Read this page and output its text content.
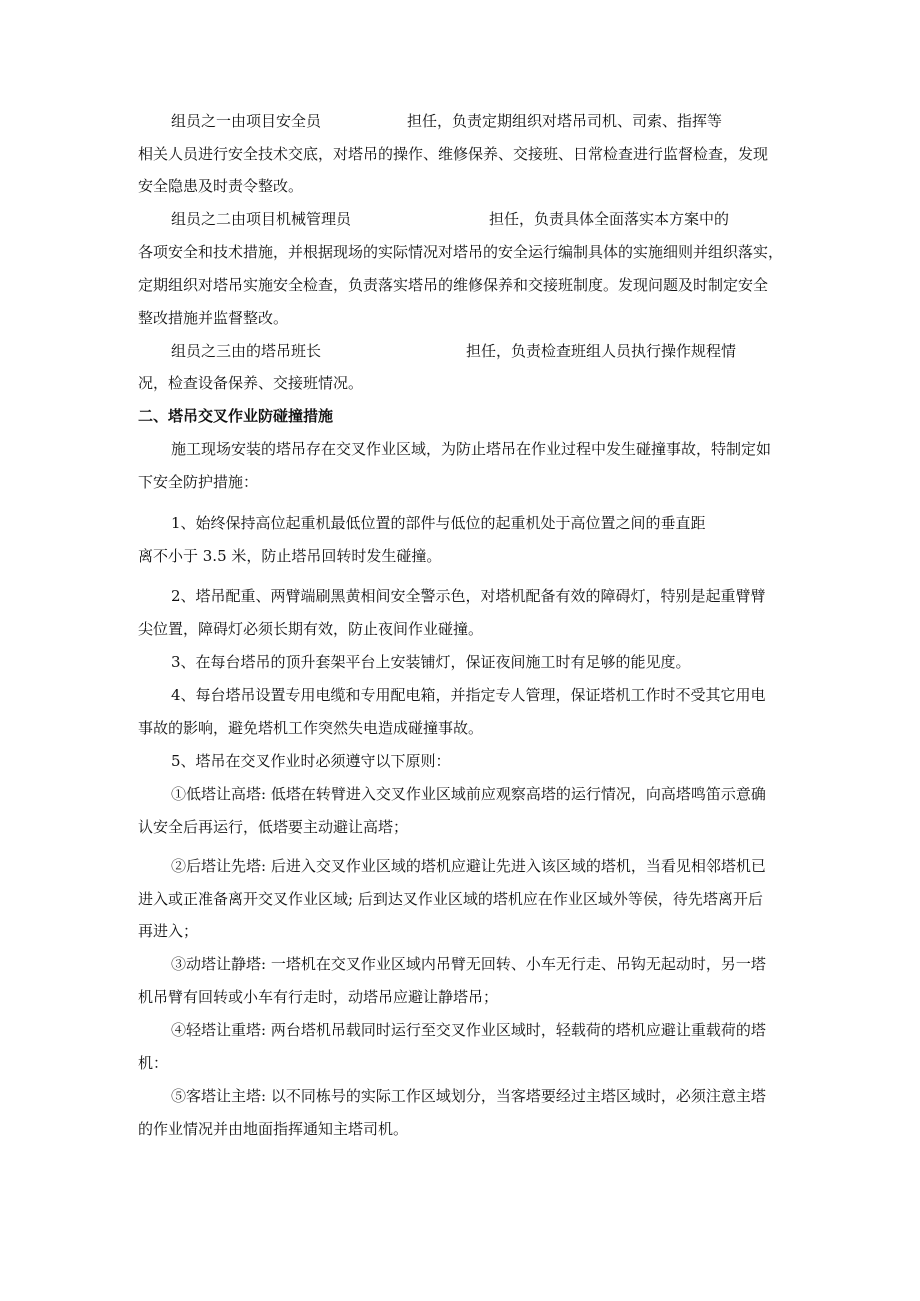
组员之一由项目安全员	担任，负责定期组织对塔吊司机、司索、指挥等
相关人员进行安全技术交底，对塔吊的操作、维修保养、交接班、日常检查进行监督检查，发现
安全隐患及时责令整改。
组员之二由项目机械管理员	担任，负责具体全面落实本方案中的
各项安全和技术措施，并根据现场的实际情况对塔吊的安全运行编制具体的实施细则并组织落实，
定期组织对塔吊实施安全检查，负责落实塔吊的维修保养和交接班制度。发现问题及时制定安全
整改措施并监督整改。
组员之三由的塔吊班长	担任，负责检查班组人员执行操作规程情
况，检查设备保养、交接班情况。
二、塔吊交叉作业防碰撞措施
施工现场安装的塔吊存在交叉作业区域，为防止塔吊在作业过程中发生碰撞事故，特制定如
下安全防护措施：
1、始终保持高位起重机最低位置的部件与低位的起重机处于高位置之间的垂直距
离不小于 3.5 米，防止塔吊回转时发生碰撞。
2、塔吊配重、两臂端刷黑黄相间安全警示色，对塔机配备有效的障碍灯，特别是起重臂臂
尖位置，障碍灯必须长期有效，防止夜间作业碰撞。
3、在每台塔吊的顶升套架平台上安装铺灯，保证夜间施工时有足够的能见度。
4、每台塔吊设置专用电缆和专用配电箱，并指定专人管理，保证塔机工作时不受其它用电
事故的影响，避免塔机工作突然失电造成碰撞事故。
5、塔吊在交叉作业时必须遵守以下原则：
①低塔让高塔: 低塔在转臂进入交叉作业区域前应观察高塔的运行情况，向高塔鸣笛示意确
认安全后再运行，低塔要主动避让高塔；
②后塔让先塔: 后进入交叉作业区域的塔机应避让先进入该区域的塔机，当看见相邻塔机已
进入或正准备离开交叉作业区域; 后到达叉作业区域的塔机应在作业区域外等侯，待先塔离开后
再进入；
③动塔让静塔: 一塔机在交叉作业区域内吊臂无回转、小车无行走、吊钩无起动时，另一塔
机吊臂有回转或小车有行走时，动塔吊应避让静塔吊；
④轻塔让重塔: 两台塔机吊载同时运行至交叉作业区域时，轻载荷的塔机应避让重载荷的塔
机：
⑤客塔让主塔: 以不同栋号的实际工作区域划分，当客塔要经过主塔区域时，必须注意主塔
的作业情况并由地面指挥通知主塔司机。
